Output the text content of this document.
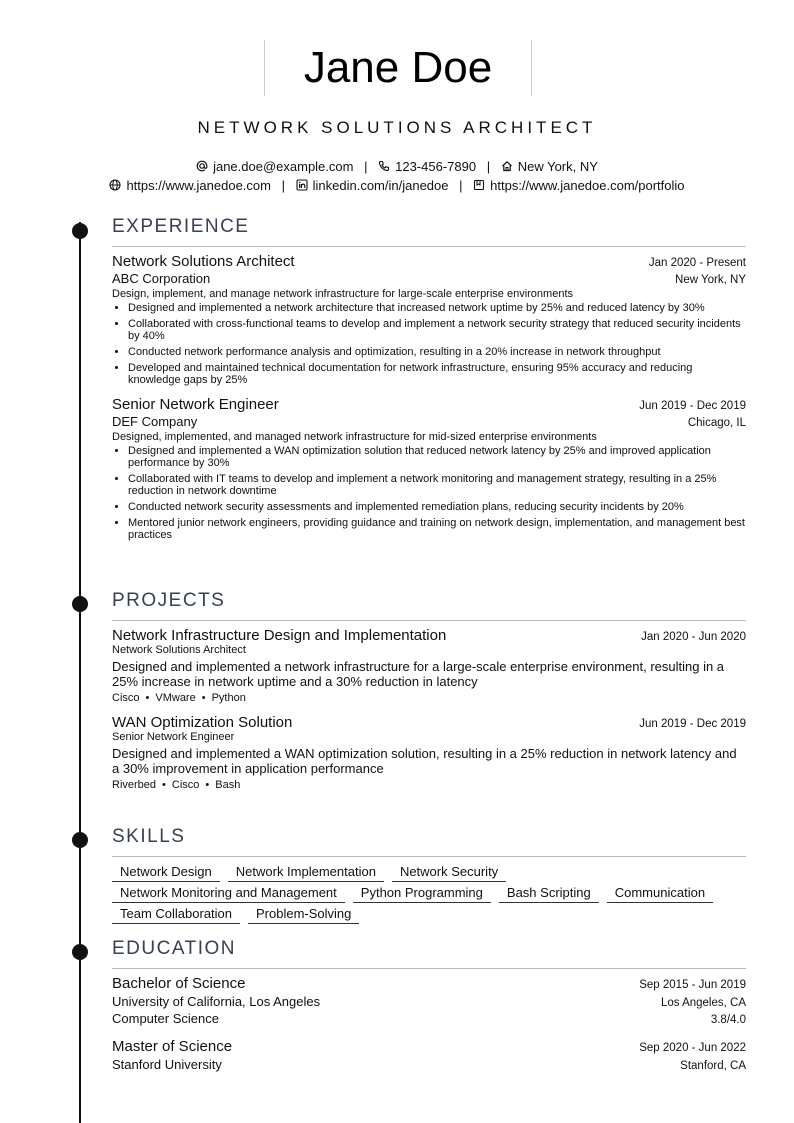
Jane Doe
NETWORK SOLUTIONS ARCHITECT
jane.doe@example.com | 123-456-7890 | New York, NY
https://www.janedoe.com | linkedin.com/in/janedoe | https://www.janedoe.com/portfolio
EXPERIENCE
Network Solutions Architect	Jan 2020 - Present
ABC Corporation	New York, NY
Design, implement, and manage network infrastructure for large-scale enterprise environments
• Designed and implemented a network architecture that increased network uptime by 25% and reduced latency by 30%
• Collaborated with cross-functional teams to develop and implement a network security strategy that reduced security incidents by 40%
• Conducted network performance analysis and optimization, resulting in a 20% increase in network throughput
• Developed and maintained technical documentation for network infrastructure, ensuring 95% accuracy and reducing knowledge gaps by 25%
Senior Network Engineer	Jun 2019 - Dec 2019
DEF Company	Chicago, IL
Designed, implemented, and managed network infrastructure for mid-sized enterprise environments
• Designed and implemented a WAN optimization solution that reduced network latency by 25% and improved application performance by 30%
• Collaborated with IT teams to develop and implement a network monitoring and management strategy, resulting in a 25% reduction in network downtime
• Conducted network security assessments and implemented remediation plans, reducing security incidents by 20%
• Mentored junior network engineers, providing guidance and training on network design, implementation, and management best practices
PROJECTS
Network Infrastructure Design and Implementation	Jan 2020 - Jun 2020
Network Solutions Architect
Designed and implemented a network infrastructure for a large-scale enterprise environment, resulting in a 25% increase in network uptime and a 30% reduction in latency
Cisco • VMware • Python
WAN Optimization Solution	Jun 2019 - Dec 2019
Senior Network Engineer
Designed and implemented a WAN optimization solution, resulting in a 25% reduction in network latency and a 30% improvement in application performance
Riverbed • Cisco • Bash
SKILLS
Network Design	Network Implementation	Network Security
Network Monitoring and Management	Python Programming	Bash Scripting	Communication
Team Collaboration	Problem-Solving
EDUCATION
Bachelor of Science	Sep 2015 - Jun 2019
University of California, Los Angeles	Los Angeles, CA
Computer Science	3.8/4.0
Master of Science	Sep 2020 - Jun 2022
Stanford University	Stanford, CA
